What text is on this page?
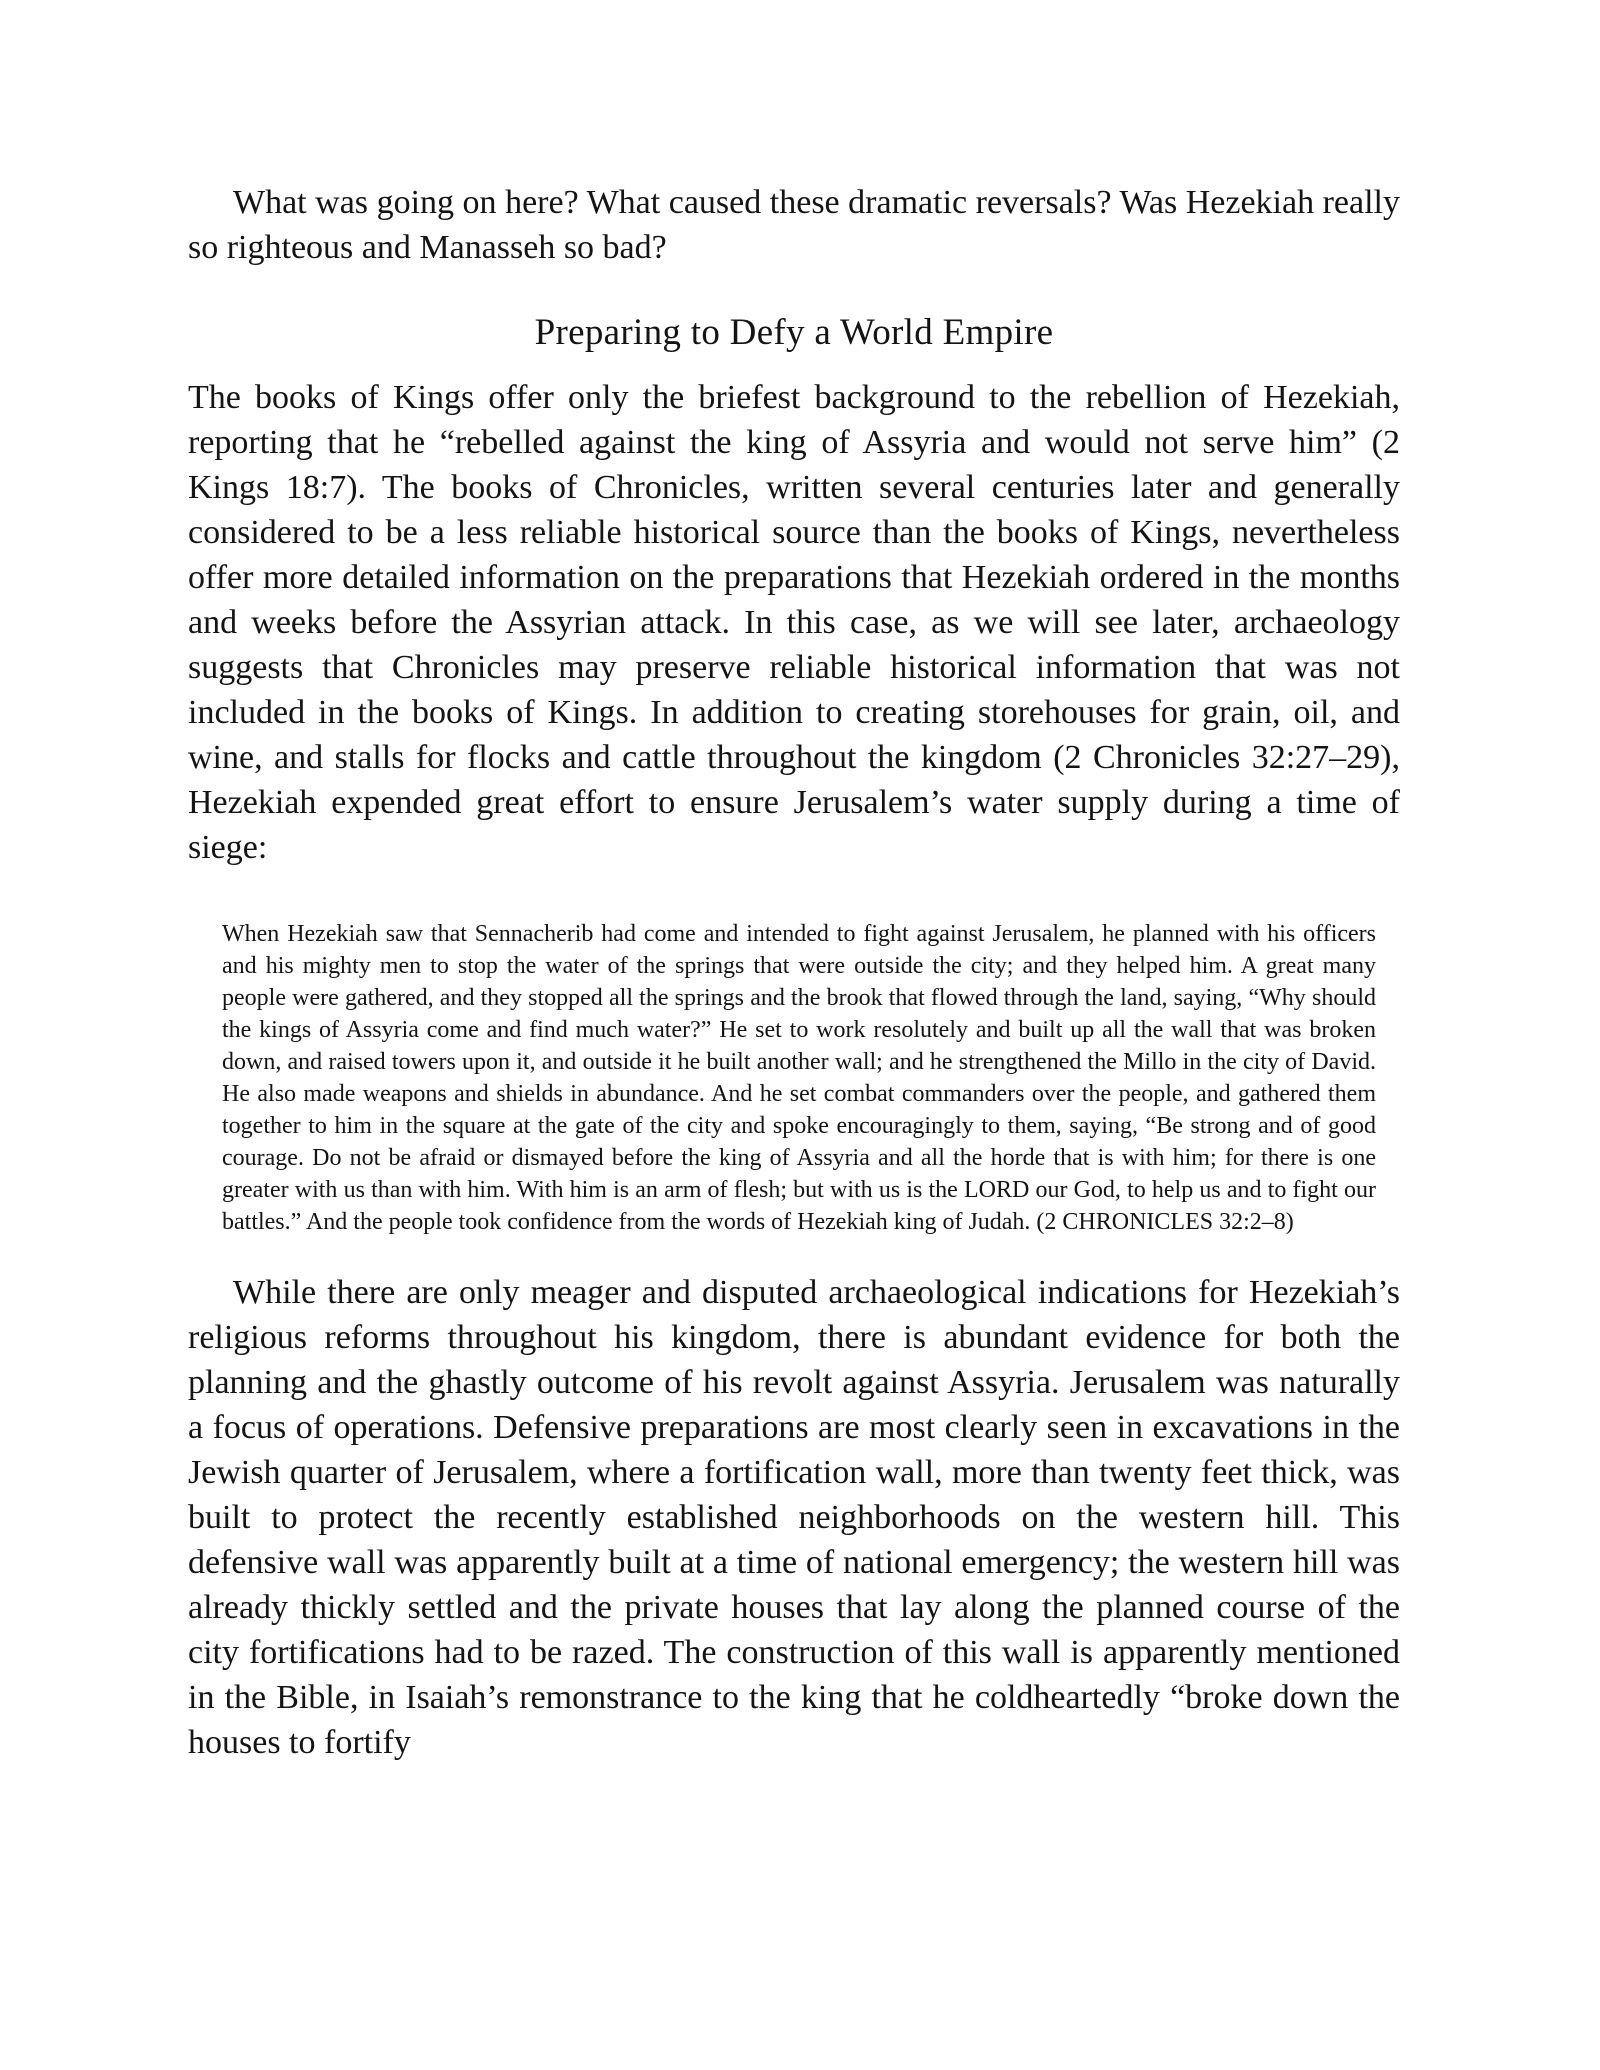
What was going on here? What caused these dramatic reversals? Was Hezekiah really so righteous and Manasseh so bad?

Preparing to Defy a World Empire

The books of Kings offer only the briefest background to the rebellion of Hezekiah, reporting that he “rebelled against the king of Assyria and would not serve him” (2 Kings 18:7). The books of Chronicles, written several centuries later and generally considered to be a less reliable historical source than the books of Kings, nevertheless offer more detailed information on the preparations that Hezekiah ordered in the months and weeks before the Assyrian attack. In this case, as we will see later, archaeology suggests that Chronicles may preserve reliable historical information that was not included in the books of Kings. In addition to creating storehouses for grain, oil, and wine, and stalls for flocks and cattle throughout the kingdom (2 Chronicles 32:27–29), Hezekiah expended great effort to ensure Jerusalem’s water supply during a time of siege:

When Hezekiah saw that Sennacherib had come and intended to fight against Jerusalem, he planned with his officers and his mighty men to stop the water of the springs that were outside the city; and they helped him. A great many people were gathered, and they stopped all the springs and the brook that flowed through the land, saying, “Why should the kings of Assyria come and find much water?” He set to work resolutely and built up all the wall that was broken down, and raised towers upon it, and outside it he built another wall; and he strengthened the Millo in the city of David. He also made weapons and shields in abundance. And he set combat commanders over the people, and gathered them together to him in the square at the gate of the city and spoke encouragingly to them, saying, “Be strong and of good courage. Do not be afraid or dismayed before the king of Assyria and all the horde that is with him; for there is one greater with us than with him. With him is an arm of flesh; but with us is the LORD our God, to help us and to fight our battles.” And the people took confidence from the words of Hezekiah king of Judah. (2 CHRONICLES 32:2–8)

While there are only meager and disputed archaeological indications for Hezekiah’s religious reforms throughout his kingdom, there is abundant evidence for both the planning and the ghastly outcome of his revolt against Assyria. Jerusalem was naturally a focus of operations. Defensive preparations are most clearly seen in excavations in the Jewish quarter of Jerusalem, where a fortification wall, more than twenty feet thick, was built to protect the recently established neighborhoods on the western hill. This defensive wall was apparently built at a time of national emergency; the western hill was already thickly settled and the private houses that lay along the planned course of the city fortifications had to be razed. The construction of this wall is apparently mentioned in the Bible, in Isaiah’s remonstrance to the king that he coldheartedly “broke down the houses to fortify
